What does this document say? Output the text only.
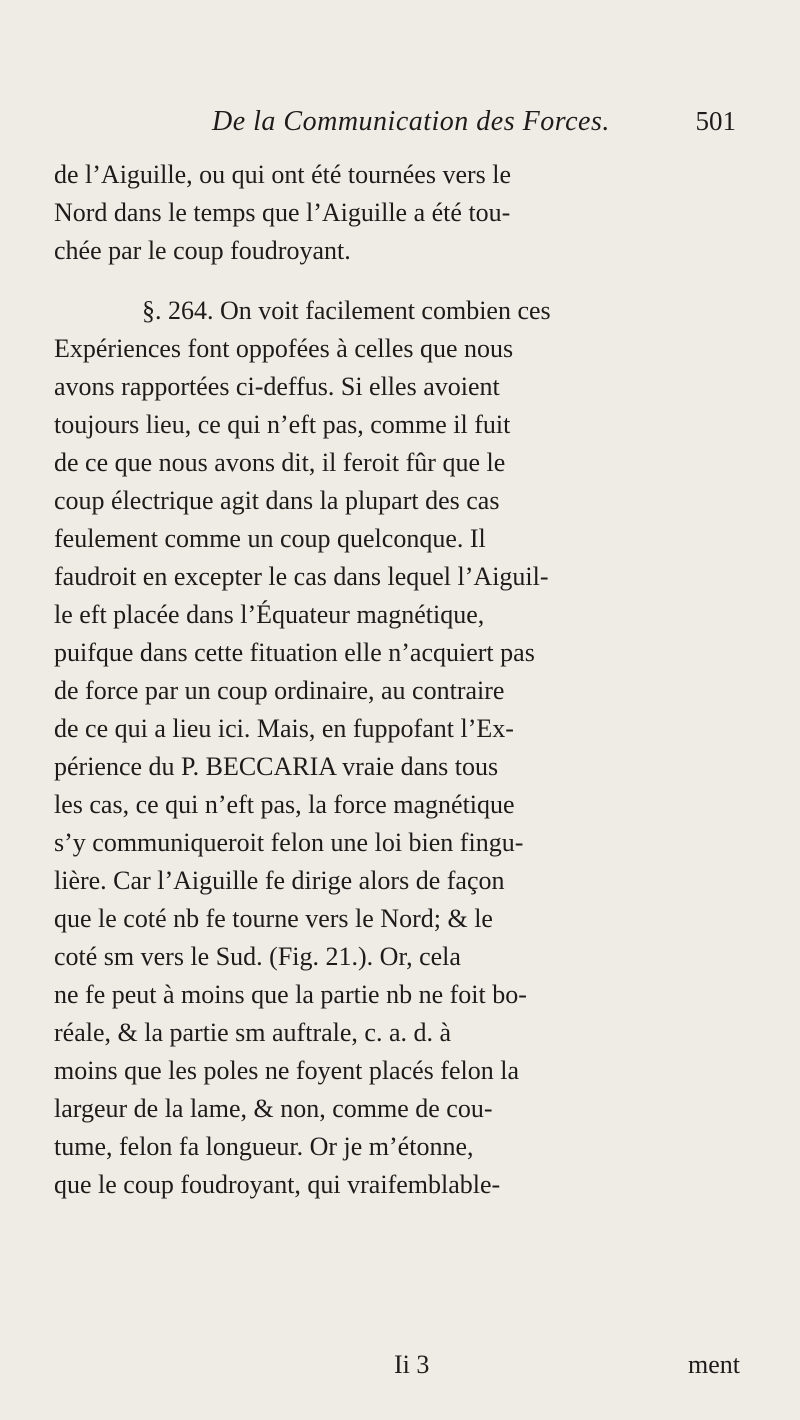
De la Communication des Forces.	501
de l’Aiguille, ou qui ont été tournées vers le
Nord dans le temps que l’Aiguille a été tou-
chée par le coup foudroyant.
§. 264. On voit facilement combien ces
Expériences font oppofées à celles que nous
avons rapportées ci-deffus. Si elles avoient
toujours lieu, ce qui n’eft pas, comme il fuit
de ce que nous avons dit, il feroit fûr que le
coup électrique agit dans la plupart des cas
feulement comme un coup quelconque. Il
faudroit en excepter le cas dans lequel l’Aiguil-
le eft placée dans l’Équateur magnétique,
puifque dans cette fituation elle n’acquiert pas
de force par un coup ordinaire, au contraire
de ce qui a lieu ici. Mais, en fuppofant l’Ex-
périence du P. BECCARIA vraie dans tous
les cas, ce qui n’eft pas, la force magnétique
s’y communiqueroit felon une loi bien fingu-
lière. Car l’Aiguille fe dirige alors de façon
que le coté nb fe tourne vers le Nord; & le
coté sm vers le Sud. (Fig. 21.). Or, cela
ne fe peut à moins que la partie nb ne foit bo-
réale, & la partie sm auftrale, c. a. d. à
moins que les poles ne foyent placés felon la
largeur de la lame, & non, comme de cou-
tume, felon fa longueur. Or je m’étonne,
que le coup foudroyant, qui vraifemblable-
Ii 3	ment
